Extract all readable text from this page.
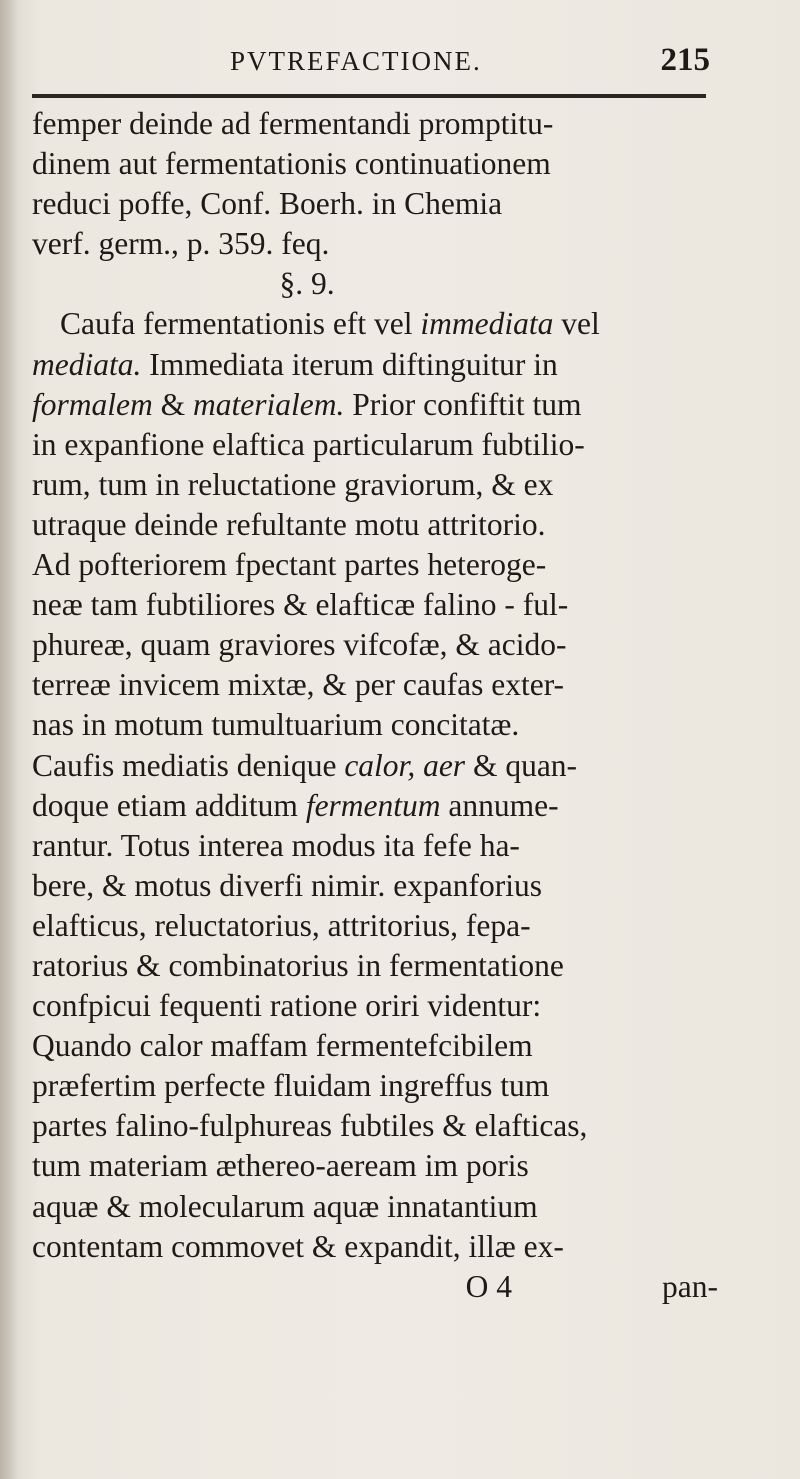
PVTREFACTIONE.	215
femper deinde ad fermentandi promptitu-
dinem aut fermentationis continuationem
reduci poffe, Conf. Boerh. in Chemia
verf. germ., p. 359. feq.
§. 9.
Caufa fermentationis eft vel immediata vel
mediata. Immediata iterum diftinguitur in
formalem & materialem. Prior confiftit tum
in expanfione elaftica particularum fubtilio-
rum, tum in reluctatione graviorum, & ex
utraque deinde refultante motu attritorio.
Ad pofteriorem fpectant partes heteroge-
neæ tam fubtiliores & elafticæ falino - ful-
phureæ, quam graviores vifcofæ, & acido-
terreæ invicem mixtæ, & per caufas exter-
nas in motum tumultuarium concitatæ.
Caufis mediatis denique calor, aer & quan-
doque etiam additum fermentum annume-
rantur. Totus interea modus ita fefe ha-
bere, & motus diverfi nimir. expanforius
elafticus, reluctatorius, attritorius, fepa-
ratorius & combinatorius in fermentatione
confpicui fequenti ratione oriri videntur:
Quando calor maffam fermentefcibilem
præfertim perfecte fluidam ingreffus tum
partes falino-fulphureas fubtiles & elafticas,
tum materiam æthereo-aeream im poris
aquæ & molecularum aquæ innatantium
contentam commovet & expandit, illæ ex-
O 4	pan-
